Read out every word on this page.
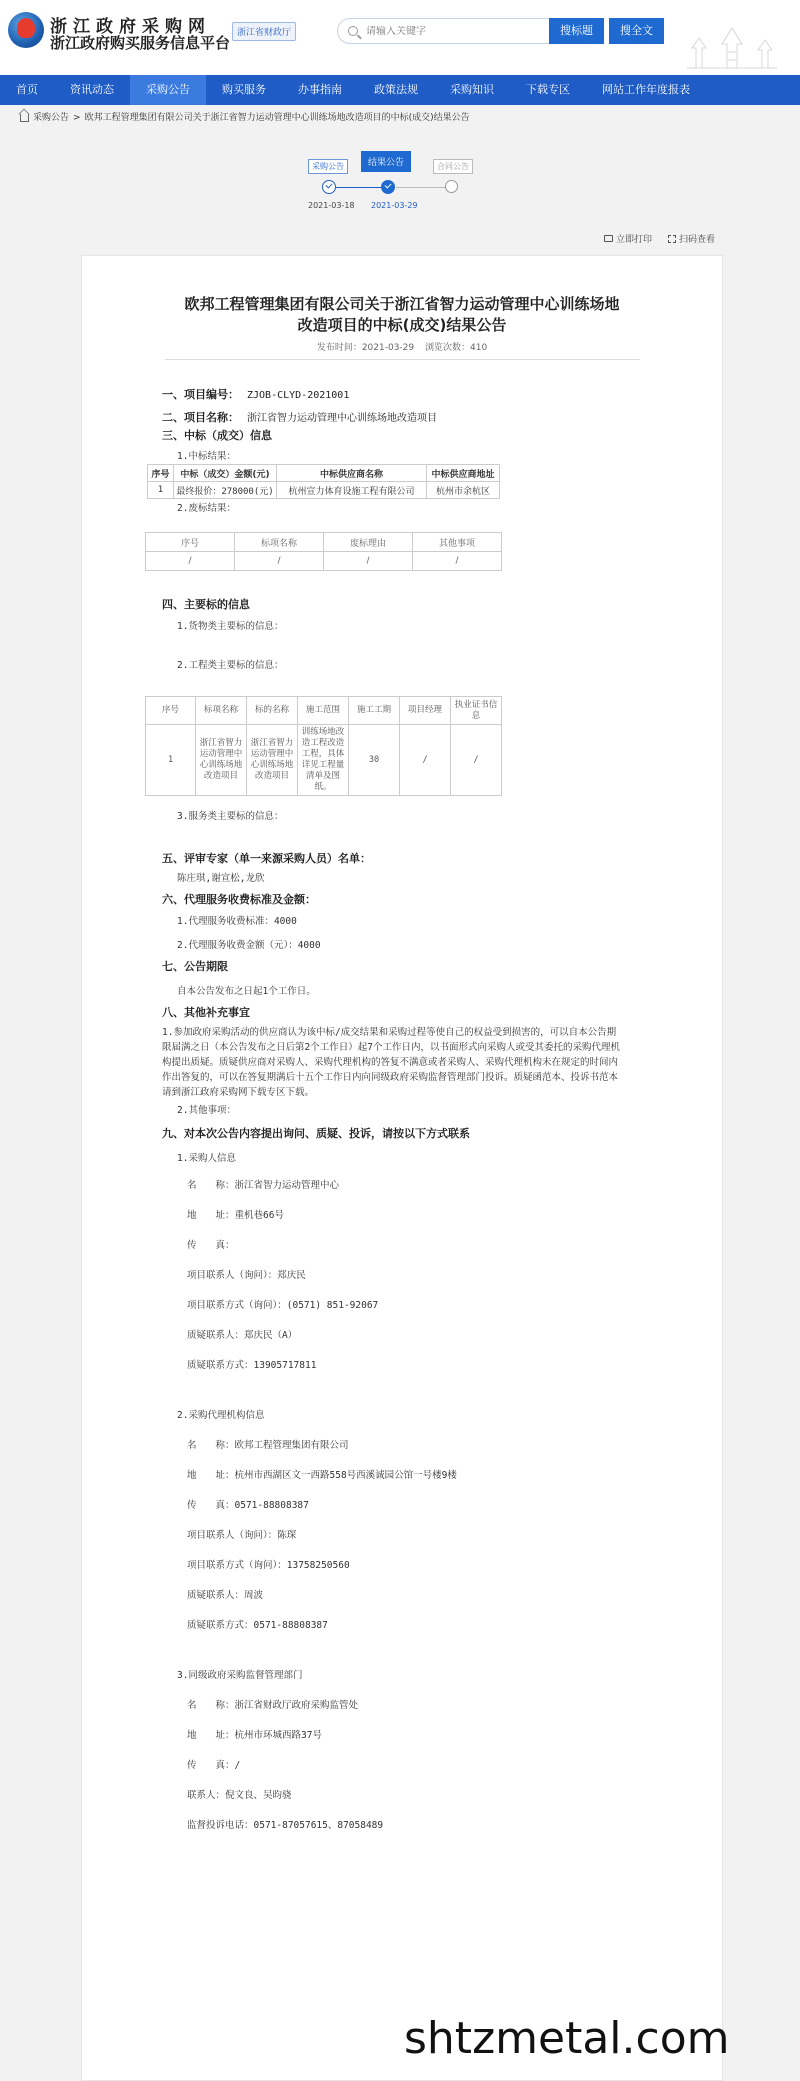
浙江政府采购网
浙江政府购买服务信息平台
浙江省财政厅
请输入关键字	搜标题	搜全文
首页	资讯动态	采购公告	购买服务	办事指南	政策法规	采购知识	下载专区	网站工作年度报表
采购公告 > 欧邦工程管理集团有限公司关于浙江省智力运动管理中心训练场地改造项目的中标(成交)结果公告
采购公告	结果公告	合同公告
2021-03-18 2021-03-29
立即打印	扫码查看
欧邦工程管理集团有限公司关于浙江省智力运动管理中心训练场地
改造项目的中标(成交)结果公告
发布时间：2021-03-29 浏览次数：410
一、项目编号： ZJOB-CLYD-2021001
二、项目名称： 浙江省智力运动管理中心训练场地改造项目
三、中标（成交）信息
1.中标结果：
序号	中标（成交）金额(元)	中标供应商名称	中标供应商地址
1	最终报价：278000(元)	杭州宣力体育设施工程有限公司	杭州市余杭区
2.废标结果：
序号	标项名称	废标理由	其他事项
/	/	/	/
四、主要标的信息
1.货物类主要标的信息：
2.工程类主要标的信息：
序号	标项名称	标的名称	施工范围	施工工期	项目经理	执业证书信息
1	浙江省智力运动管理中心训练场地改造项目	浙江省智力运动管理中心训练场地改造项目	训练场地改造工程改造工程，具体详见工程量清单及图纸。	30	/	/
3.服务类主要标的信息：
五、评审专家（单一来源采购人员）名单：
陈庄琪,谢宣松,龙欣
六、代理服务收费标准及金额：
1.代理服务收费标准：4000
2.代理服务收费金额（元）：4000
七、公告期限
自本公告发布之日起1个工作日。
八、其他补充事宜
1.参加政府采购活动的供应商认为该中标/成交结果和采购过程等使自己的权益受到损害的，可以自本公告期限届满之日（本公告发布之日后第2个工作日）起7个工作日内，以书面形式向采购人或受其委托的采购代理机构提出质疑。质疑供应商对采购人、采购代理机构的答复不满意或者采购人、采购代理机构未在规定的时间内作出答复的，可以在答复期满后十五个工作日内向同级政府采购监督管理部门投诉。质疑函范本、投诉书范本请到浙江政府采购网下载专区下载。
2.其他事项：
九、对本次公告内容提出询问、质疑、投诉，请按以下方式联系
1.采购人信息
名　　称：浙江省智力运动管理中心
地　　址：重机巷66号
传　　真：
项目联系人（询问）：郑庆民
项目联系方式（询问）：(0571) 851-92067
质疑联系人：郑庆民（A）
质疑联系方式：13905717811
2.采购代理机构信息
名　　称：欧邦工程管理集团有限公司
地　　址：杭州市西湖区文一西路558号西溪诚园公馆一号楼9楼
传　　真：0571-88808387
项目联系人（询问）：陈琛
项目联系方式（询问）：13758250560
质疑联系人：周波
质疑联系方式：0571-88808387
3.同级政府采购监督管理部门
名　　称：浙江省财政厅政府采购监管处
地　　址：杭州市环城西路37号
传　　真：/
联系人：倪文良、吴昀骁
监督投诉电话：0571-87057615、87058489
shtzmetal.com
